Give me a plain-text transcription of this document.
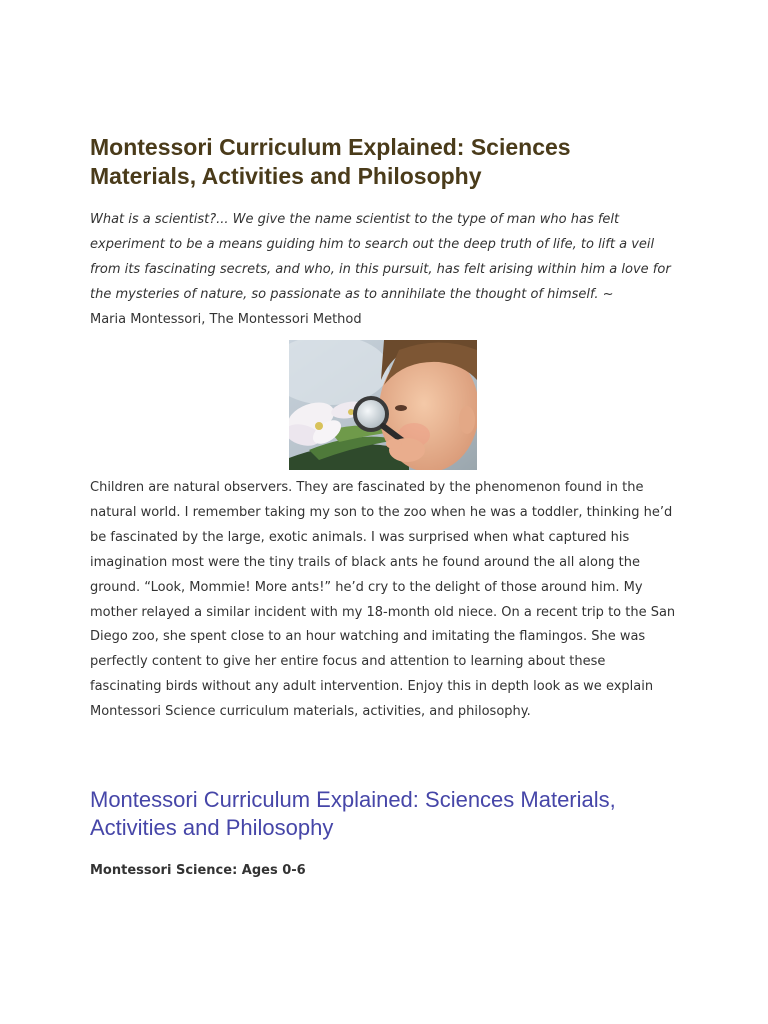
Montessori Curriculum Explained: Sciences Materials, Activities and Philosophy
What is a scientist?... We give the name scientist to the type of man who has felt experiment to be a means guiding him to search out the deep truth of life, to lift a veil from its fascinating secrets, and who, in this pursuit, has felt arising within him a love for the mysteries of nature, so passionate as to annihilate the thought of himself. ~
Maria Montessori, The Montessori Method
Children are natural observers. They are fascinated by the phenomenon found in the natural world. I remember taking my son to the zoo when he was a toddler, thinking he’d be fascinated by the large, exotic animals. I was surprised when what captured his imagination most were the tiny trails of black ants he found around the all along the ground. “Look, Mommie! More ants!” he’d cry to the delight of those around him. My mother relayed a similar incident with my 18-month old niece. On a recent trip to the San Diego zoo, she spent close to an hour watching and imitating the flamingos. She was perfectly content to give her entire focus and attention to learning about these fascinating birds without any adult intervention. Enjoy this in depth look as we explain Montessori Science curriculum materials, activities, and philosophy.
Montessori Curriculum Explained: Sciences Materials, Activities and Philosophy
Montessori Science: Ages 0-6
